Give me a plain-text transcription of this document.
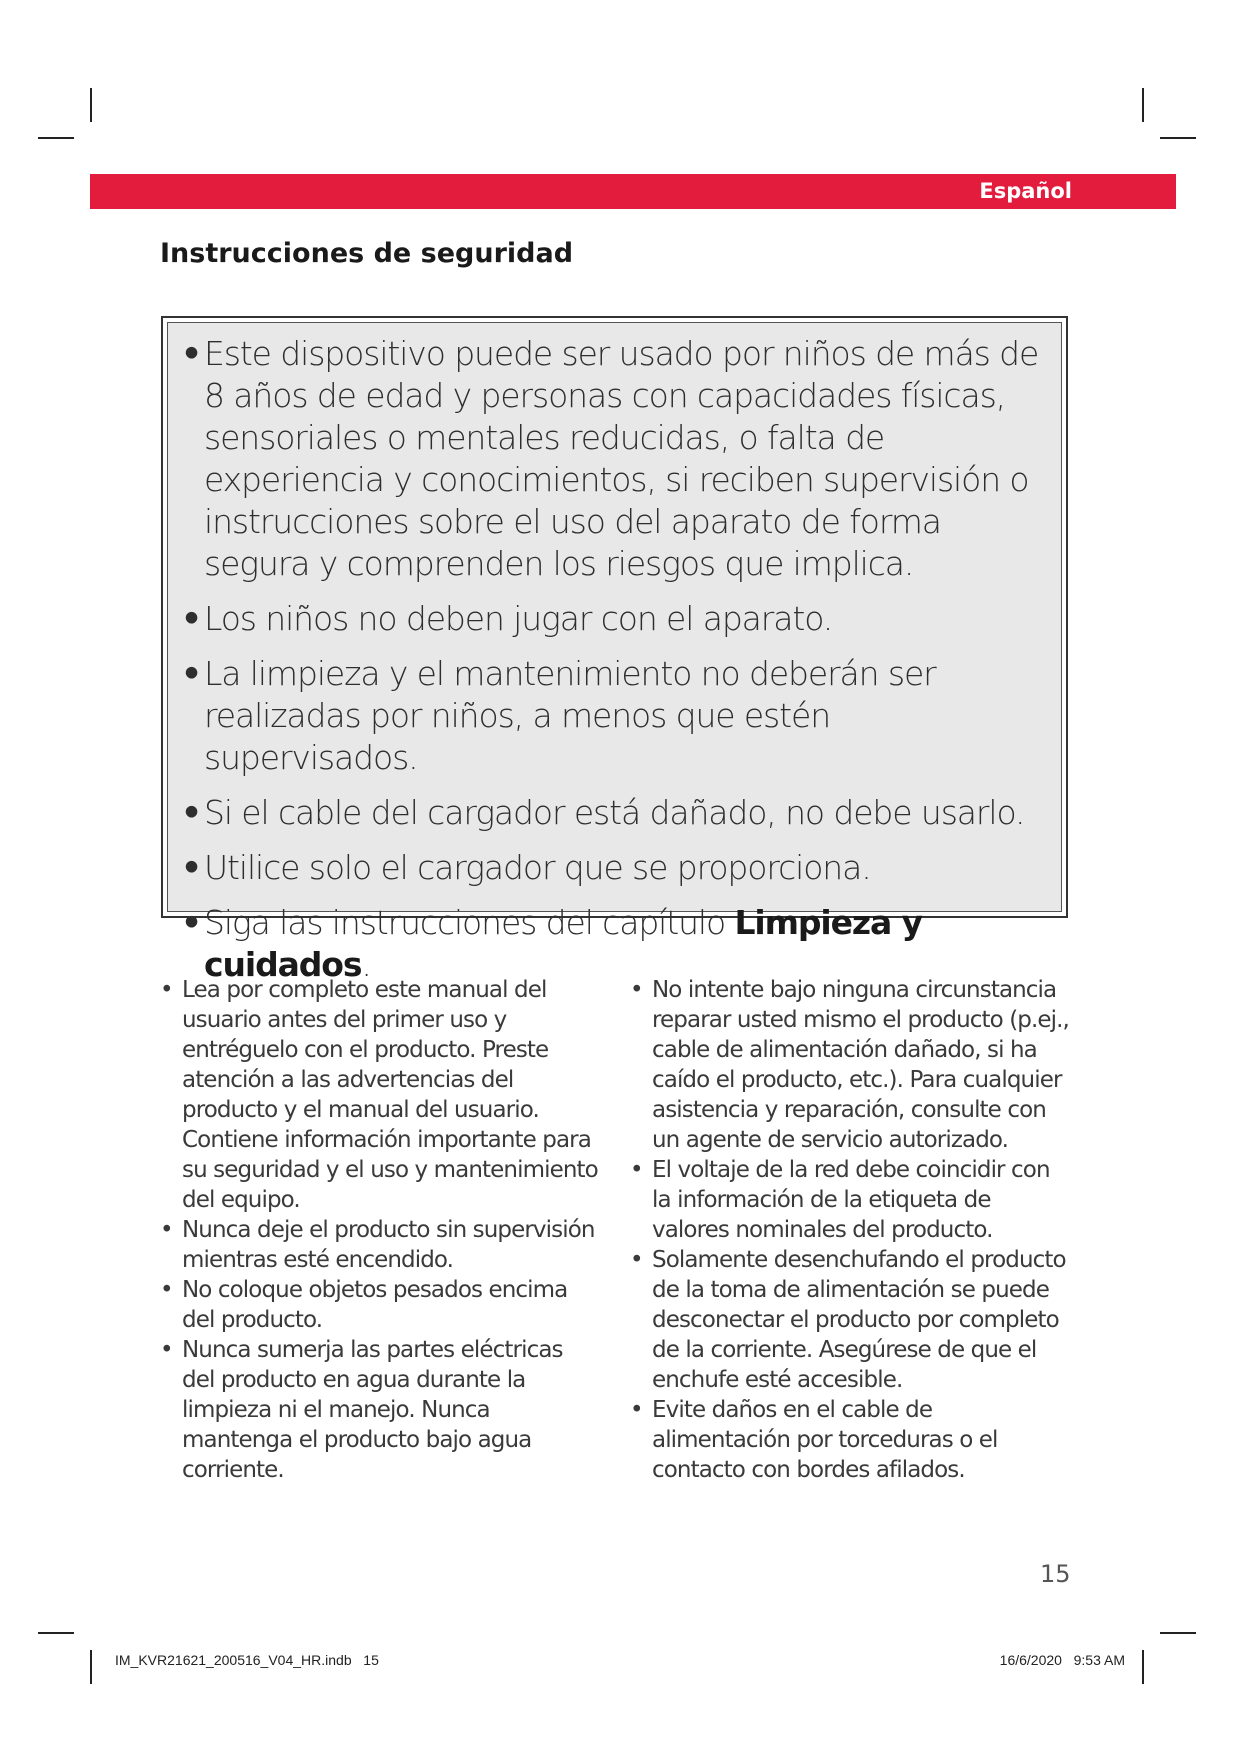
Español
Instrucciones de seguridad
• Este dispositivo puede ser usado por niños de más de 8 años de edad y personas con capacidades físicas, sensoriales o mentales reducidas, o falta de experiencia y conocimientos, si reciben supervisión o instrucciones sobre el uso del aparato de forma segura y comprenden los riesgos que implica.
• Los niños no deben jugar con el aparato.
• La limpieza y el mantenimiento no deberán ser realizadas por niños, a menos que estén supervisados.
• Si el cable del cargador está dañado, no debe usarlo.
• Utilice solo el cargador que se proporciona.
• Siga las instrucciones del capítulo Limpieza y cuidados.
• Lea por completo este manual del usuario antes del primer uso y entréguelo con el producto. Preste atención a las advertencias del producto y el manual del usuario. Contiene información importante para su seguridad y el uso y mantenimiento del equipo.
• Nunca deje el producto sin supervisión mientras esté encendido.
• No coloque objetos pesados encima del producto.
• Nunca sumerja las partes eléctricas del producto en agua durante la limpieza ni el manejo. Nunca mantenga el producto bajo agua corriente.
• No intente bajo ninguna circunstancia reparar usted mismo el producto (p.ej., cable de alimentación dañado, si ha caído el producto, etc.). Para cualquier asistencia y reparación, consulte con un agente de servicio autorizado.
• El voltaje de la red debe coincidir con la información de la etiqueta de valores nominales del producto.
• Solamente desenchufando el producto de la toma de alimentación se puede desconectar el producto por completo de la corriente. Asegúrese de que el enchufe esté accesible.
• Evite daños en el cable de alimentación por torceduras o el contacto con bordes afilados.
15
IM_KVR21621_200516_V04_HR.indb   15	16/6/2020   9:53 AM
